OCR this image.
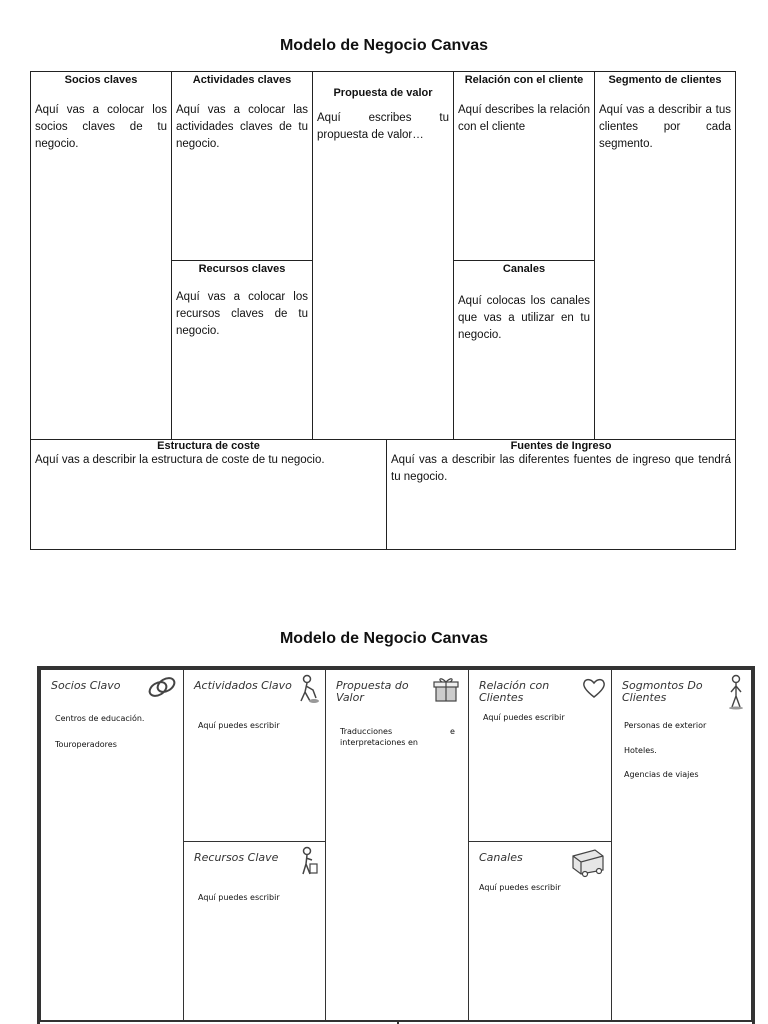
Modelo de Negocio Canvas
Socios claves
Aquí vas a colocar los socios claves de tu negocio.
Actividades claves
Aquí vas a colocar las actividades claves de tu negocio.
Recursos claves
Aquí vas a colocar los recursos claves de tu negocio.
Propuesta de valor
Aquí escribes tu propuesta de valor…
Relación con el cliente
Aquí describes la relación con el cliente
Canales
Aquí colocas los canales que vas a utilizar en tu negocio.
Segmento de clientes
Aquí vas a describir a tus clientes por cada segmento.
Estructura de coste
Aquí vas a describir la estructura de coste de tu negocio.
Fuentes de Ingreso
Aquí vas a describir las diferentes fuentes de ingreso que tendrá tu negocio.
Modelo de Negocio Canvas
Socios Clavo
Centros de educación.
Touroperadores
Actividados Clavo
Aquí puedes escribir
Recursos Clave
Aquí puedes escribir
Propuesta do
Valor
Traducciones	e
interpretaciones en
Relación con
Clientes
Aquí puedes escribir
Canales
Aquí puedes escribir
Sogmontos Do
Clientes
Personas de exterior
Hoteles.
Agencias de viajes
